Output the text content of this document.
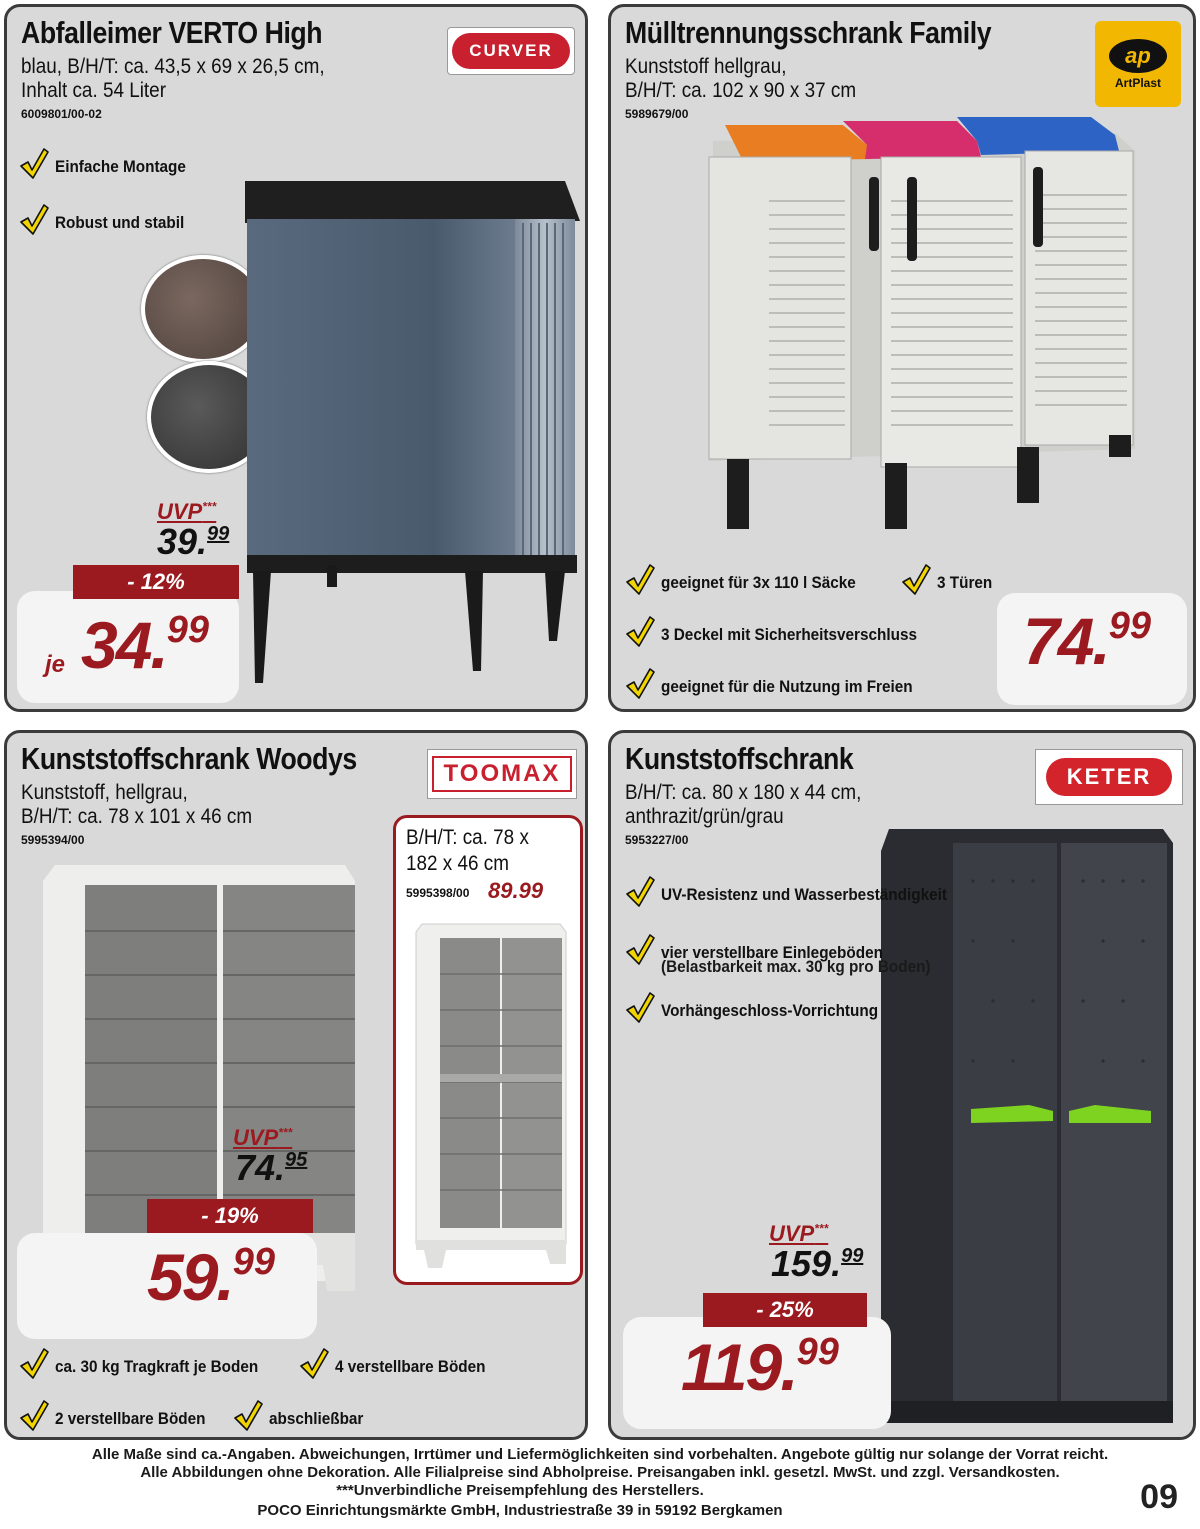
Abfalleimer VERTO High
blau, B/H/T: ca. 43,5 x 69 x 26,5 cm,
Inhalt ca. 54 Liter
6009801/00-02
CURVER
Einfache Montage
Robust und stabil
UVP***
39.99
- 12%
je 34.99
Mülltrennungsschrank Family
Kunststoff hellgrau,
B/H/T: ca. 102 x 90 x 37 cm
5989679/00
ap
ArtPlast
74.99
geeignet für 3x 110 l Säcke	3 Türen
3 Deckel mit Sicherheitsverschluss
geeignet für die Nutzung im Freien
Kunststoffschrank Woodys
Kunststoff, hellgrau,
B/H/T: ca. 78 x 101 x 46 cm
5995394/00
TOOMAX
B/H/T: ca. 78 x
182 x 46 cm
5995398/00 89.99
UVP***
74.95
- 19%
59.99
ca. 30 kg Tragkraft je Boden	4 verstellbare Böden
2 verstellbare Böden	abschließbar
Kunststoffschrank
B/H/T: ca. 80 x 180 x 44 cm,
anthrazit/grün/grau
5953227/00
KETER
UV-Resistenz und Wasserbeständigkeit
vier verstellbare Einlegeböden
(Belastbarkeit max. 30 kg pro Boden)
Vorhängeschloss-Vorrichtung
UVP***
159.99
- 25%
119.99
Alle Maße sind ca.-Angaben. Abweichungen, Irrtümer und Liefermöglichkeiten sind vorbehalten. Angebote gültig nur solange der Vorrat reicht.
Alle Abbildungen ohne Dekoration. Alle Filialpreise sind Abholpreise. Preisangaben inkl. gesetzl. MwSt. und zzgl. Versandkosten.
***Unverbindliche Preisempfehlung des Herstellers.
POCO Einrichtungsmärkte GmbH, Industriestraße 39 in 59192 Bergkamen	09
